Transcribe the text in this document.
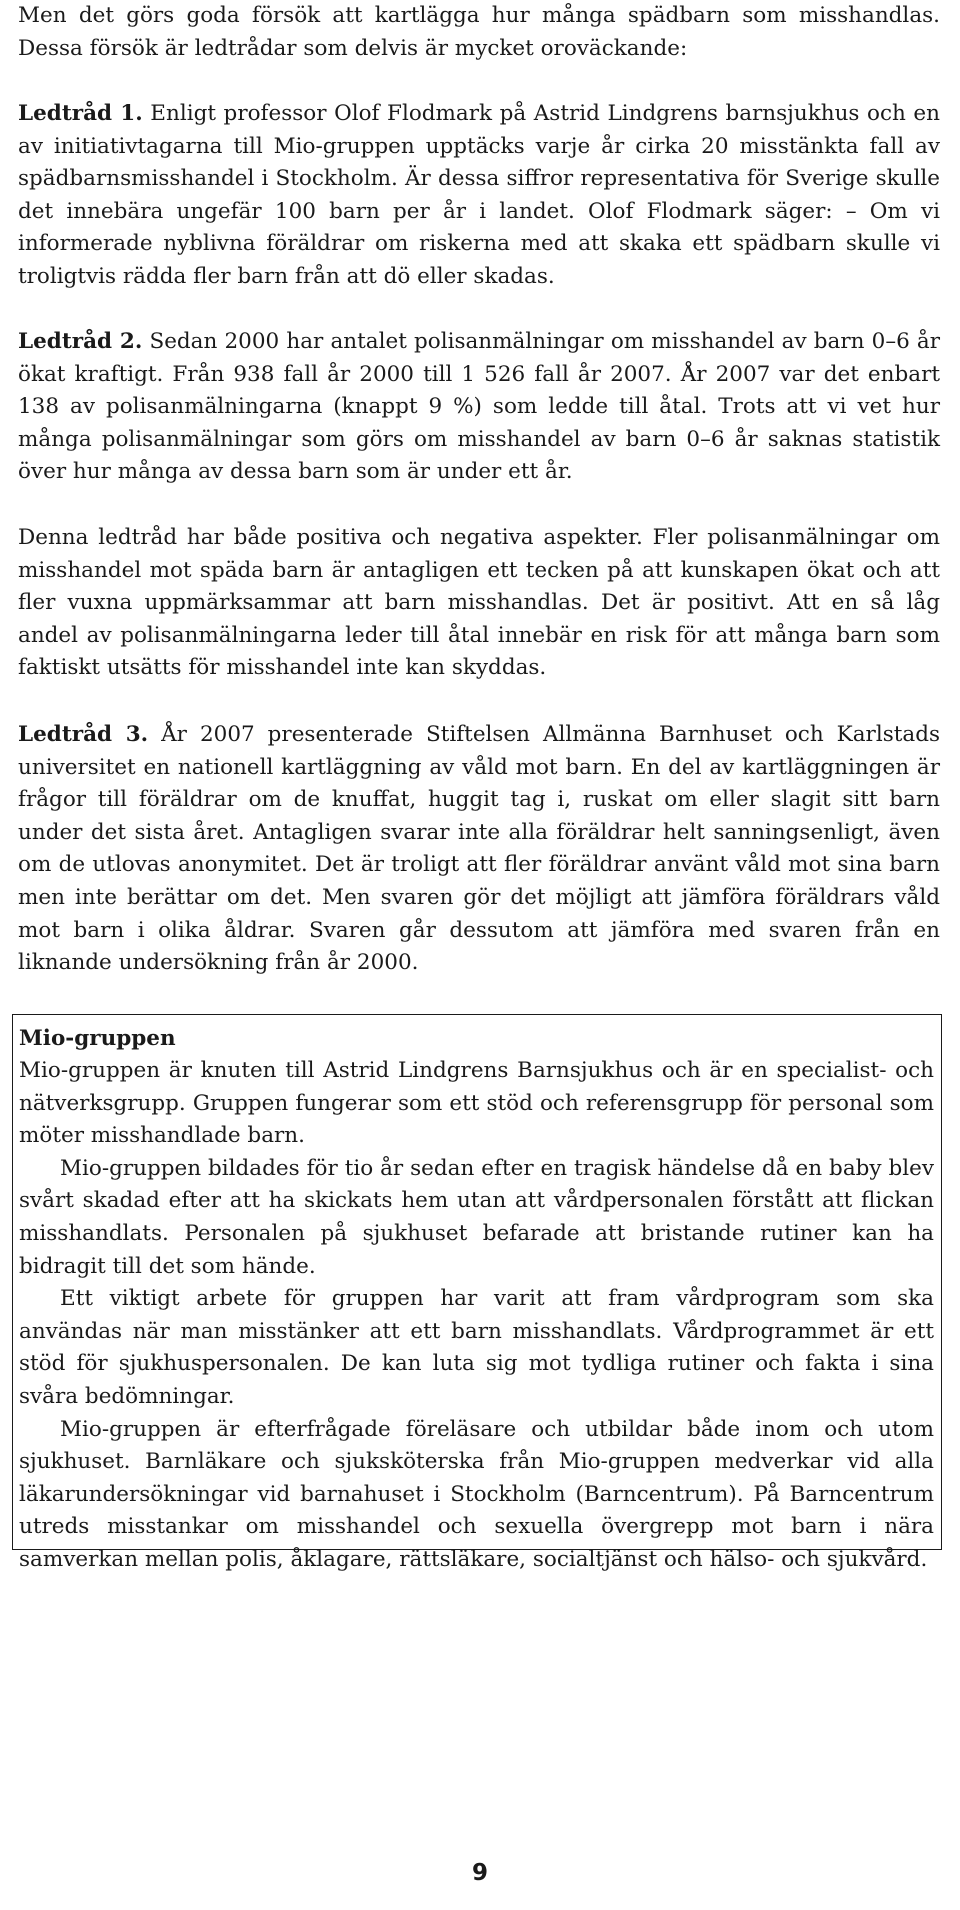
Men det görs goda försök att kartlägga hur många spädbarn som misshandlas. Dessa försök är ledtrådar som delvis är mycket oroväckande:

Ledtråd 1. Enligt professor Olof Flodmark på Astrid Lindgrens barnsjukhus och en av initiativtagarna till Mio-gruppen upptäcks varje år cirka 20 misstänkta fall av spädbarnsmisshandel i Stockholm. Är dessa siffror representativa för Sverige skulle det innebära ungefär 100 barn per år i landet. Olof Flodmark säger: – Om vi informerade nyblivna föräldrar om riskerna med att skaka ett spädbarn skulle vi troligtvis rädda fler barn från att dö eller skadas.

Ledtråd 2. Sedan 2000 har antalet polisanmälningar om misshandel av barn 0–6 år ökat kraftigt. Från 938 fall år 2000 till 1 526 fall år 2007. År 2007 var det enbart 138 av polisanmälningarna (knappt 9 %) som ledde till åtal. Trots att vi vet hur många polisanmälningar som görs om misshandel av barn 0–6 år saknas statistik över hur många av dessa barn som är under ett år.

Denna ledtråd har både positiva och negativa aspekter. Fler polisanmälningar om misshandel mot späda barn är antagligen ett tecken på att kunskapen ökat och att fler vuxna uppmärksammar att barn misshandlas. Det är positivt. Att en så låg andel av polisanmälningarna leder till åtal innebär en risk för att många barn som faktiskt utsätts för misshandel inte kan skyddas.

Ledtråd 3. År 2007 presenterade Stiftelsen Allmänna Barnhuset och Karlstads universitet en nationell kartläggning av våld mot barn. En del av kartläggningen är frågor till föräldrar om de knuffat, huggit tag i, ruskat om eller slagit sitt barn under det sista året. Antagligen svarar inte alla föräldrar helt sanningsenligt, även om de utlovas anonymitet. Det är troligt att fler föräldrar använt våld mot sina barn men inte berättar om det. Men svaren gör det möjligt att jämföra föräldrars våld mot barn i olika åldrar. Svaren går dessutom att jämföra med svaren från en liknande undersökning från år 2000.

Mio-gruppen

Mio-gruppen är knuten till Astrid Lindgrens Barnsjukhus och är en specialist- och nätverksgrupp. Gruppen fungerar som ett stöd och referensgrupp för personal som möter misshandlade barn.

Mio-gruppen bildades för tio år sedan efter en tragisk händelse då en baby blev svårt skadad efter att ha skickats hem utan att vårdpersonalen förstått att flickan misshandlats. Personalen på sjukhuset befarade att bristande rutiner kan ha bidragit till det som hände.

Ett viktigt arbete för gruppen har varit att fram vårdprogram som ska användas när man misstänker att ett barn misshandlats. Vårdprogrammet är ett stöd för sjukhuspersonalen. De kan luta sig mot tydliga rutiner och fakta i sina svåra bedömningar.

Mio-gruppen är efterfrågade föreläsare och utbildar både inom och utom sjukhuset. Barnläkare och sjuksköterska från Mio-gruppen medverkar vid alla läkarundersökningar vid barnahuset i Stockholm (Barncentrum). På Barncentrum utreds misstankar om misshandel och sexuella övergrepp mot barn i nära samverkan mellan polis, åklagare, rättsläkare, socialtjänst och hälso- och sjukvård.

9
